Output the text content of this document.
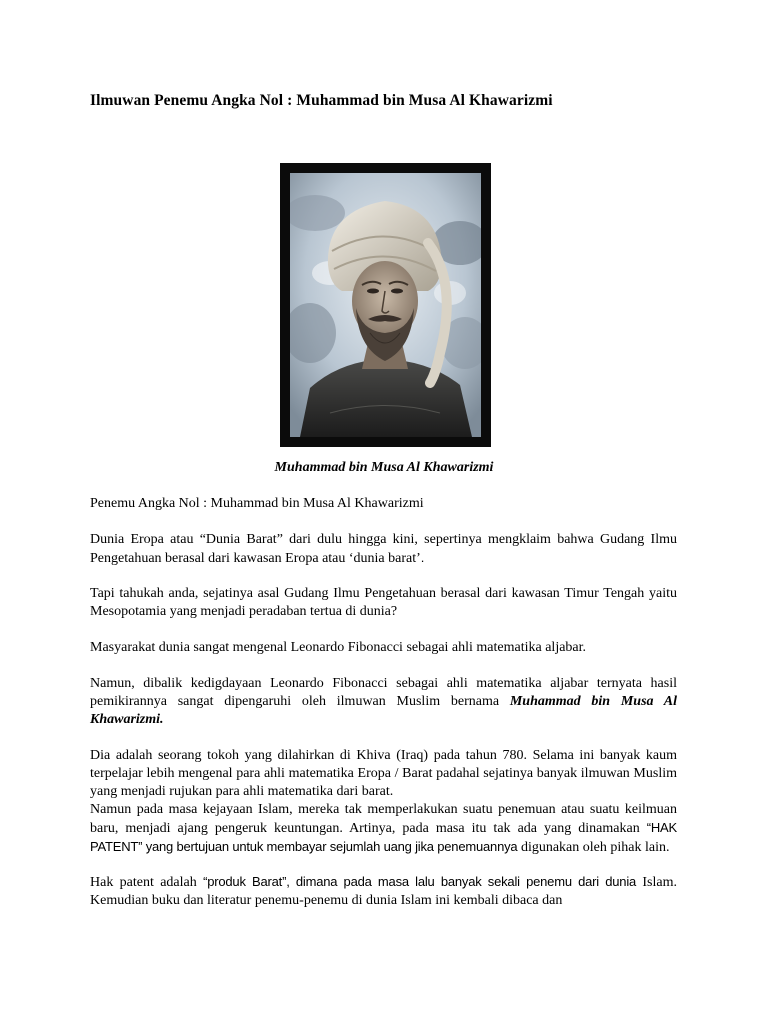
Ilmuwan Penemu Angka Nol : Muhammad bin Musa Al Khawarizmi
Muhammad bin Musa Al Khawarizmi

Penemu Angka Nol : Muhammad bin Musa Al Khawarizmi

Dunia Eropa atau “Dunia Barat” dari dulu hingga kini, sepertinya mengklaim bahwa Gudang Ilmu Pengetahuan berasal dari kawasan Eropa atau ‘dunia barat’.

Tapi tahukah anda, sejatinya asal Gudang Ilmu Pengetahuan berasal dari kawasan Timur Tengah yaitu Mesopotamia yang menjadi peradaban tertua di dunia?

Masyarakat dunia sangat mengenal Leonardo Fibonacci sebagai ahli matematika aljabar.

Namun, dibalik kedigdayaan Leonardo Fibonacci sebagai ahli matematika aljabar ternyata hasil pemikirannya sangat dipengaruhi oleh ilmuwan Muslim bernama Muhammad bin Musa Al Khawarizmi.

Dia adalah seorang tokoh yang dilahirkan di Khiva (Iraq) pada tahun 780. Selama ini banyak kaum terpelajar lebih mengenal para ahli matematika Eropa / Barat padahal sejatinya banyak ilmuwan Muslim yang menjadi rujukan para ahli matematika dari barat.

Namun pada masa kejayaan Islam, mereka tak memperlakukan suatu penemuan atau suatu keilmuan baru, menjadi ajang pengeruk keuntungan. Artinya, pada masa itu tak ada yang dinamakan “HAK PATENT” yang bertujuan untuk membayar sejumlah uang jika penemuannya digunakan oleh pihak lain.

Hak patent adalah “produk Barat”, dimana pada masa lalu banyak sekali penemu dari dunia Islam. Kemudian buku dan literatur penemu-penemu di dunia Islam ini kembali dibaca dan
